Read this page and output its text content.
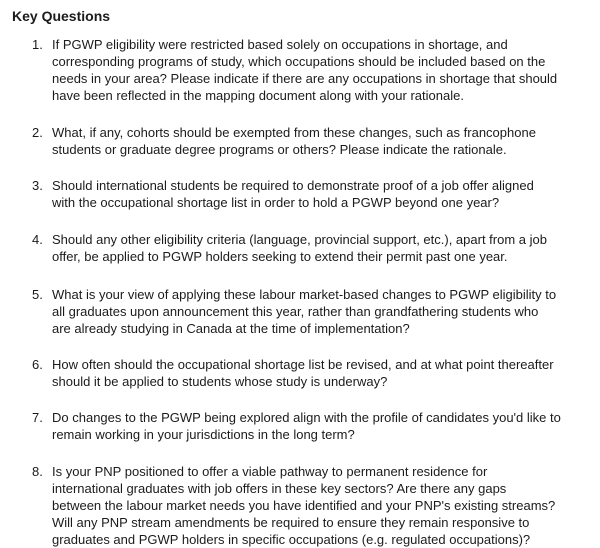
Key Questions
1. If PGWP eligibility were restricted based solely on occupations in shortage, and
corresponding programs of study, which occupations should be included based on the
needs in your area? Please indicate if there are any occupations in shortage that should
have been reflected in the mapping document along with your rationale.
2. What, if any, cohorts should be exempted from these changes, such as francophone
students or graduate degree programs or others? Please indicate the rationale.
3. Should international students be required to demonstrate proof of a job offer aligned
with the occupational shortage list in order to hold a PGWP beyond one year?
4. Should any other eligibility criteria (language, provincial support, etc.), apart from a job
offer, be applied to PGWP holders seeking to extend their permit past one year.
5. What is your view of applying these labour market-based changes to PGWP eligibility to
all graduates upon announcement this year, rather than grandfathering students who
are already studying in Canada at the time of implementation?
6. How often should the occupational shortage list be revised, and at what point thereafter
should it be applied to students whose study is underway?
7. Do changes to the PGWP being explored align with the profile of candidates you'd like to
remain working in your jurisdictions in the long term?
8. Is your PNP positioned to offer a viable pathway to permanent residence for
international graduates with job offers in these key sectors? Are there any gaps
between the labour market needs you have identified and your PNP's existing streams?
Will any PNP stream amendments be required to ensure they remain responsive to
graduates and PGWP holders in specific occupations (e.g. regulated occupations)?
